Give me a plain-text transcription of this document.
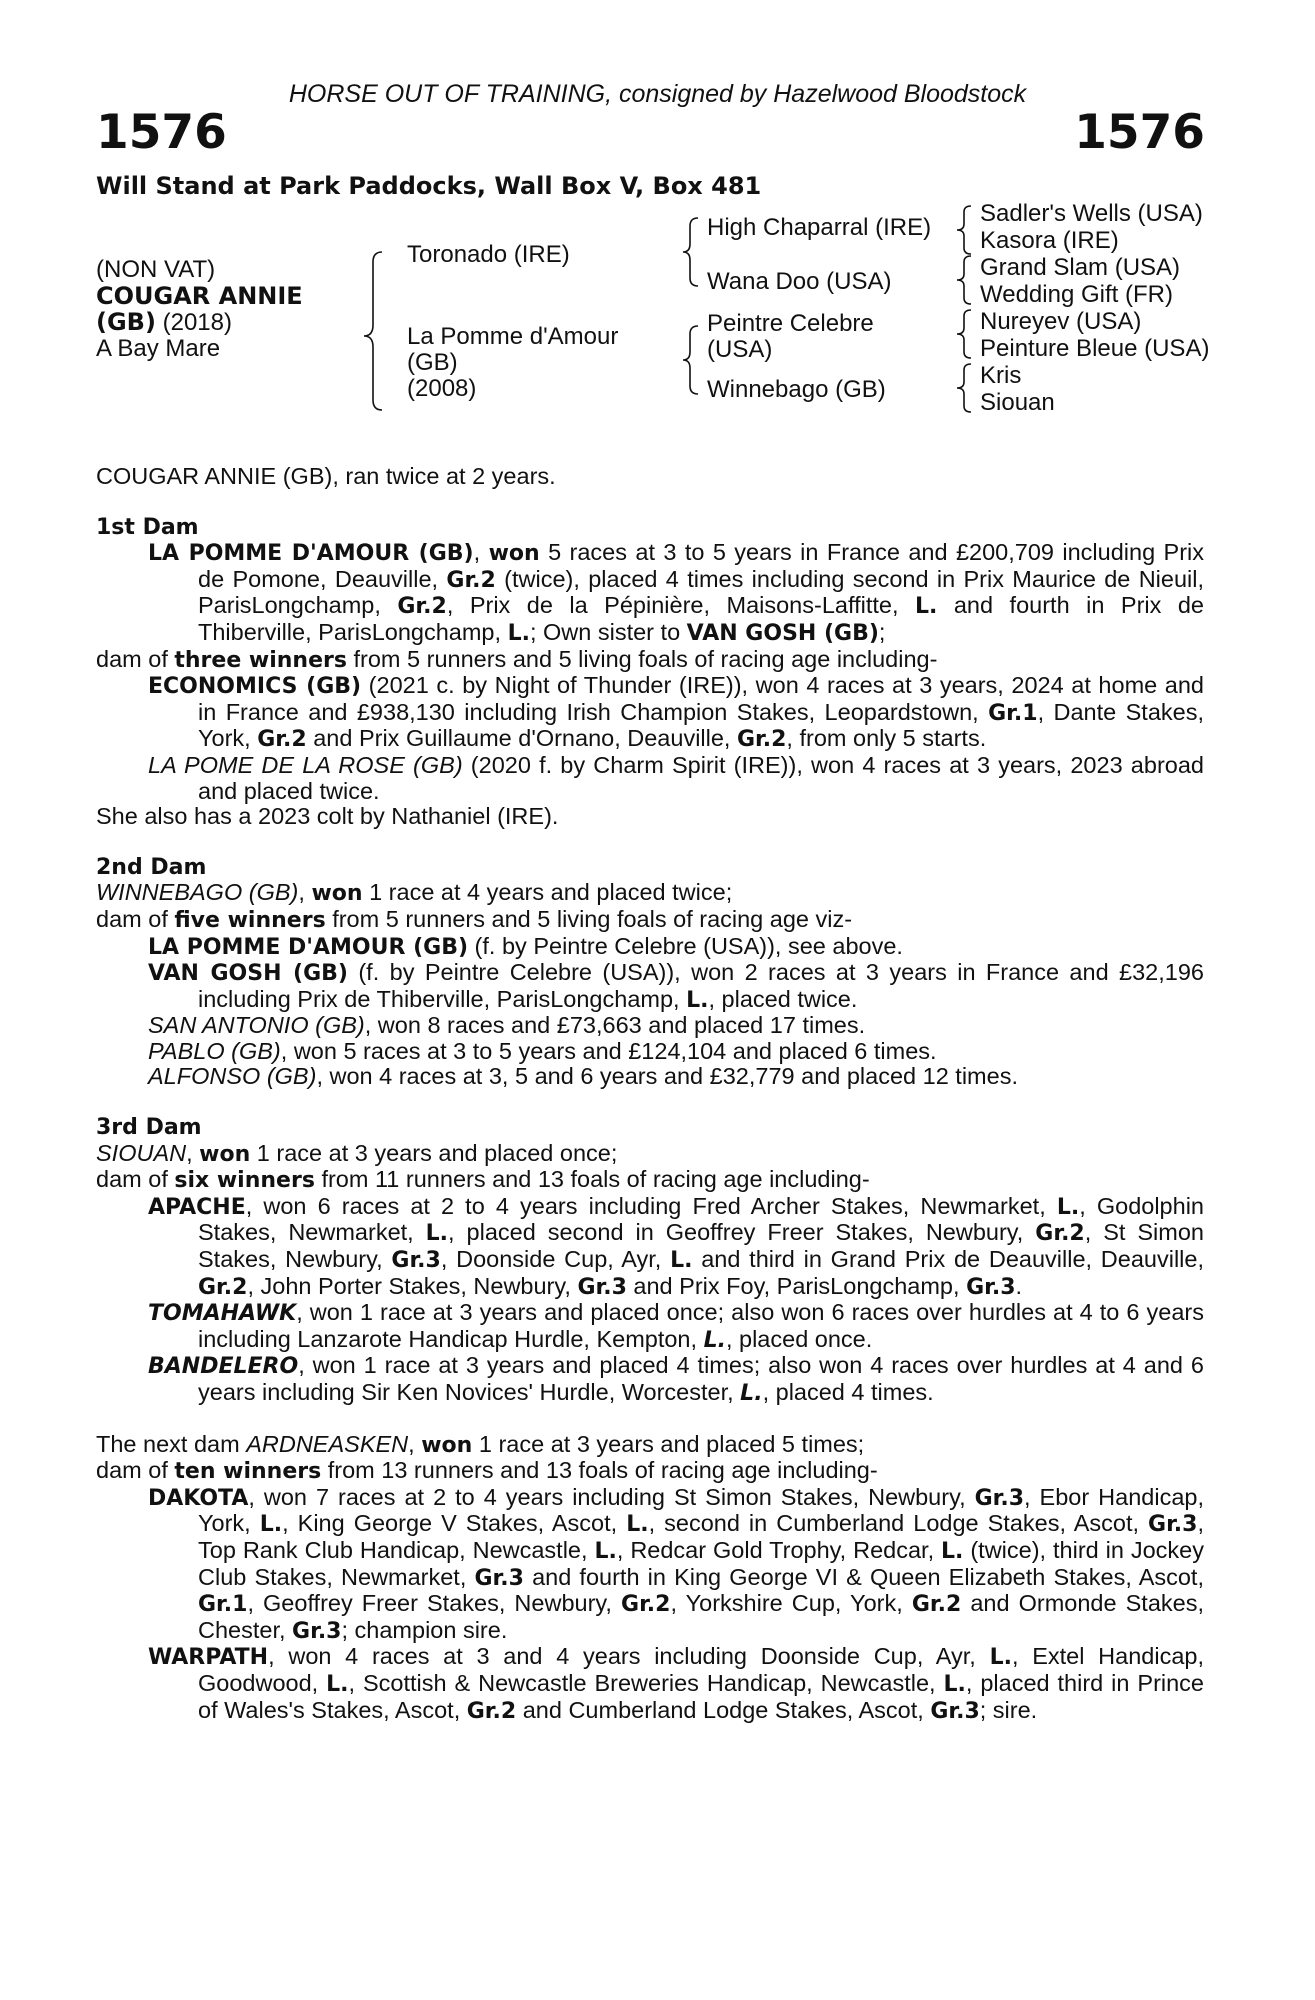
HORSE OUT OF TRAINING, consigned by Hazelwood Bloodstock
1576	1576
Will Stand at Park Paddocks, Wall Box V, Box 481
(NON VAT)
COUGAR ANNIE
(GB) (2018)
A Bay Mare
Toronado (IRE)
La Pomme d'Amour
(GB)
(2008)
High Chaparral (IRE)
Wana Doo (USA)
Peintre Celebre
(USA)
Winnebago (GB)
Sadler's Wells (USA)
Kasora (IRE)
Grand Slam (USA)
Wedding Gift (FR)
Nureyev (USA)
Peinture Bleue (USA)
Kris
Siouan

COUGAR ANNIE (GB), ran twice at 2 years.

1st Dam

LA POMME D'AMOUR (GB), won 5 races at 3 to 5 years in France and £200,709 including Prix de Pomone, Deauville, Gr.2 (twice), placed 4 times including second in Prix Maurice de Nieuil, ParisLongchamp, Gr.2, Prix de la Pépinière, Maisons-Laffitte, L. and fourth in Prix de Thiberville, ParisLongchamp, L.; Own sister to VAN GOSH (GB);

dam of three winners from 5 runners and 5 living foals of racing age including-

ECONOMICS (GB) (2021 c. by Night of Thunder (IRE)), won 4 races at 3 years, 2024 at home and in France and £938,130 including Irish Champion Stakes, Leopardstown, Gr.1, Dante Stakes, York, Gr.2 and Prix Guillaume d'Ornano, Deauville, Gr.2, from only 5 starts.

LA POME DE LA ROSE (GB) (2020 f. by Charm Spirit (IRE)), won 4 races at 3 years, 2023 abroad and placed twice.

She also has a 2023 colt by Nathaniel (IRE).

2nd Dam

WINNEBAGO (GB), won 1 race at 4 years and placed twice;

dam of five winners from 5 runners and 5 living foals of racing age viz-

LA POMME D'AMOUR (GB) (f. by Peintre Celebre (USA)), see above.

VAN GOSH (GB) (f. by Peintre Celebre (USA)), won 2 races at 3 years in France and £32,196 including Prix de Thiberville, ParisLongchamp, L., placed twice.

SAN ANTONIO (GB), won 8 races and £73,663 and placed 17 times.

PABLO (GB), won 5 races at 3 to 5 years and £124,104 and placed 6 times.

ALFONSO (GB), won 4 races at 3, 5 and 6 years and £32,779 and placed 12 times.

3rd Dam

SIOUAN, won 1 race at 3 years and placed once;

dam of six winners from 11 runners and 13 foals of racing age including-

APACHE, won 6 races at 2 to 4 years including Fred Archer Stakes, Newmarket, L., Godolphin Stakes, Newmarket, L., placed second in Geoffrey Freer Stakes, Newbury, Gr.2, St Simon Stakes, Newbury, Gr.3, Doonside Cup, Ayr, L. and third in Grand Prix de Deauville, Deauville, Gr.2, John Porter Stakes, Newbury, Gr.3 and Prix Foy, ParisLongchamp, Gr.3.

TOMAHAWK, won 1 race at 3 years and placed once; also won 6 races over hurdles at 4 to 6 years including Lanzarote Handicap Hurdle, Kempton, L., placed once.

BANDELERO, won 1 race at 3 years and placed 4 times; also won 4 races over hurdles at 4 and 6 years including Sir Ken Novices' Hurdle, Worcester, L., placed 4 times.

The next dam ARDNEASKEN, won 1 race at 3 years and placed 5 times;

dam of ten winners from 13 runners and 13 foals of racing age including-

DAKOTA, won 7 races at 2 to 4 years including St Simon Stakes, Newbury, Gr.3, Ebor Handicap, York, L., King George V Stakes, Ascot, L., second in Cumberland Lodge Stakes, Ascot, Gr.3, Top Rank Club Handicap, Newcastle, L., Redcar Gold Trophy, Redcar, L. (twice), third in Jockey Club Stakes, Newmarket, Gr.3 and fourth in King George VI & Queen Elizabeth Stakes, Ascot, Gr.1, Geoffrey Freer Stakes, Newbury, Gr.2, Yorkshire Cup, York, Gr.2 and Ormonde Stakes, Chester, Gr.3; champion sire.

WARPATH, won 4 races at 3 and 4 years including Doonside Cup, Ayr, L., Extel Handicap, Goodwood, L., Scottish & Newcastle Breweries Handicap, Newcastle, L., placed third in Prince of Wales's Stakes, Ascot, Gr.2 and Cumberland Lodge Stakes, Ascot, Gr.3; sire.
